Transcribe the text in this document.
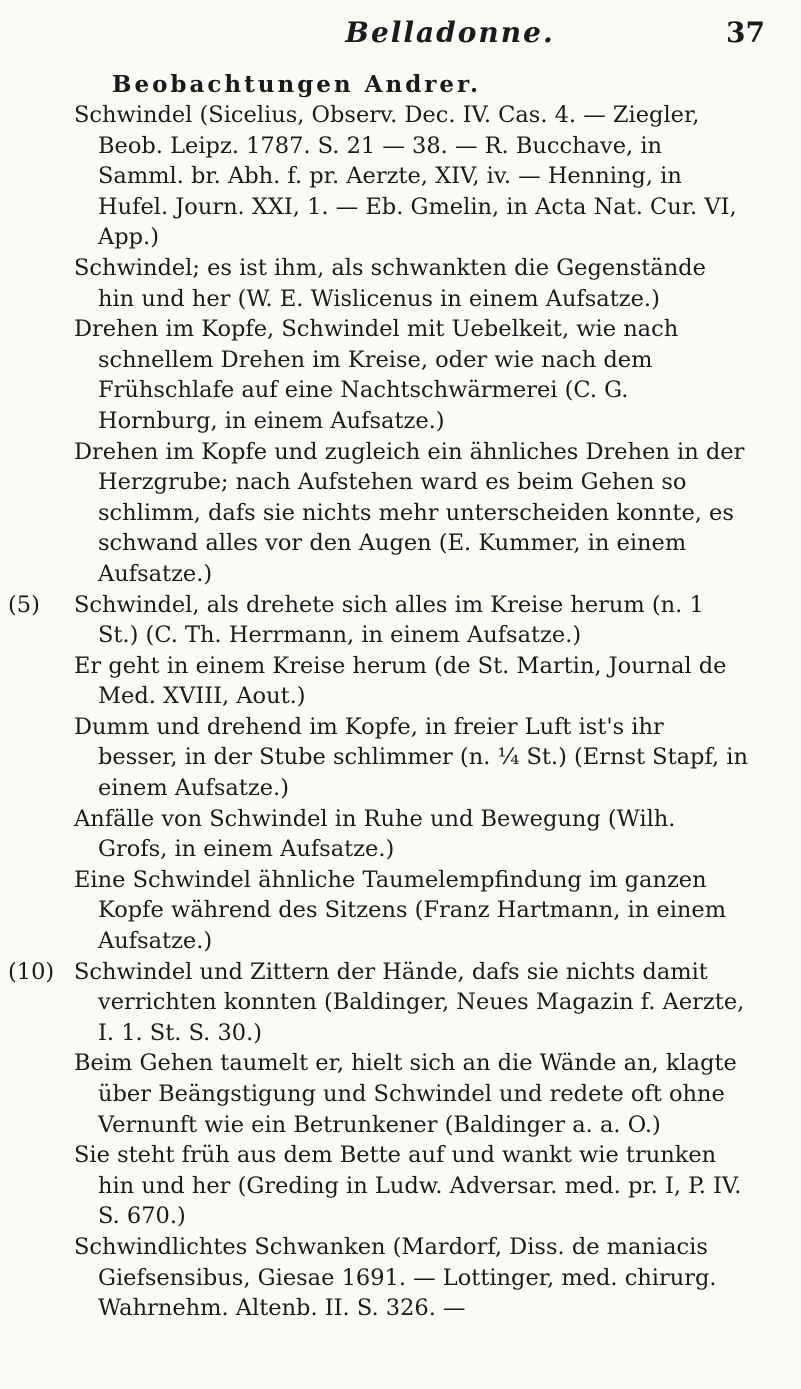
Belladonne.	37
Beobachtungen Andrer.

Schwindel (Sicelius, Observ. Dec. IV. Cas. 4. — Ziegler, Beob. Leipz. 1787. S. 21 — 38. — R. Bucchave, in Samml. br. Abh. f. pr. Aerzte, XIV, iv. — Henning, in Hufel. Journ. XXI, 1. — Eb. Gmelin, in Acta Nat. Cur. VI, App.)

Schwindel; es ist ihm, als schwankten die Gegenstände hin und her (W. E. Wislicenus in einem Aufsatze.)

Drehen im Kopfe, Schwindel mit Uebelkeit, wie nach schnellem Drehen im Kreise, oder wie nach dem Frühschlafe auf eine Nachtschwärmerei (C. G. Hornburg, in einem Aufsatze.)

Drehen im Kopfe und zugleich ein ähnliches Drehen in der Herzgrube; nach Aufstehen ward es beim Gehen so schlimm, dafs sie nichts mehr unterscheiden konnte, es schwand alles vor den Augen (E. Kummer, in einem Aufsatze.)

(5) Schwindel, als drehete sich alles im Kreise herum (n. 1 St.) (C. Th. Herrmann, in einem Aufsatze.)

Er geht in einem Kreise herum (de St. Martin, Journal de Med. XVIII, Aout.)

Dumm und drehend im Kopfe, in freier Luft ist's ihr besser, in der Stube schlimmer (n. ¼ St.) (Ernst Stapf, in einem Aufsatze.)

Anfälle von Schwindel in Ruhe und Bewegung (Wilh. Grofs, in einem Aufsatze.)

Eine Schwindel ähnliche Taumelempfindung im ganzen Kopfe während des Sitzens (Franz Hartmann, in einem Aufsatze.)

(10) Schwindel und Zittern der Hände, dafs sie nichts damit verrichten konnten (Baldinger, Neues Magazin f. Aerzte, I. 1. St. S. 30.)

Beim Gehen taumelt er, hielt sich an die Wände an, klagte über Beängstigung und Schwindel und redete oft ohne Vernunft wie ein Betrunkener (Baldinger a. a. O.)

Sie steht früh aus dem Bette auf und wankt wie trunken hin und her (Greding in Ludw. Adversar. med. pr. I, P. IV. S. 670.)

Schwindlichtes Schwanken (Mardorf, Diss. de maniacis Giefsensibus, Giesae 1691. — Lottinger, med. chirurg. Wahrnehm. Altenb. II. S. 326. —
